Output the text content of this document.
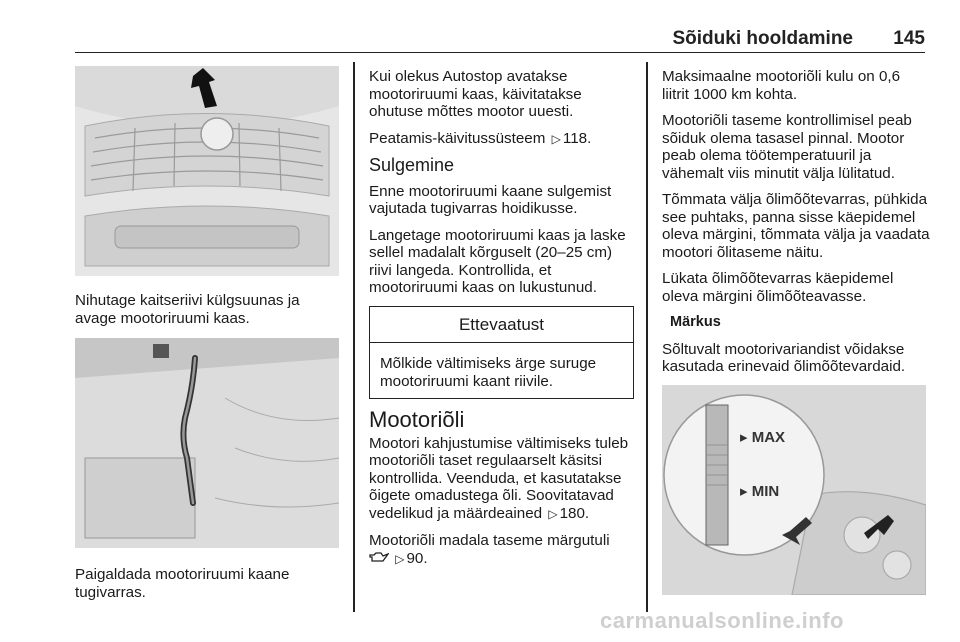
Sõiduki hooldamine 145
Nihutage kaitseriivi külgsuunas ja avage mootoriruumi kaas.
Paigaldada mootoriruumi kaane tugivarras.

Kui olekus Autostop avatakse mootoriruumi kaas, käivitatakse ohutuse mõttes mootor uuesti.

Peatamis-käivitussüsteem ▷ 118.

Sulgemine

Enne mootoriruumi kaane sulgemist vajutada tugivarras hoidikusse.

Langetage mootoriruumi kaas ja laske sellel madalalt kõrguselt (20–25 cm) riivi langeda. Kontrollida, et mootoriruumi kaas on lukustunud.

Ettevaatust
Mõlkide vältimiseks ärge suruge mootoriruumi kaant riivile.
Mootoriõli

Mootori kahjustumise vältimiseks tuleb mootoriõli taset regulaarselt käsitsi kontrollida. Veenduda, et kasutatakse õigete omadustega õli. Soovitatavad vedelikud ja määrdeained ▷ 180.

Mootoriõli madala taseme märgutuli
▷ 90.

Maksimaalne mootoriõli kulu on 0,6 liitrit 1000 km kohta.

Mootoriõli taseme kontrollimisel peab sõiduk olema tasasel pinnal. Mootor peab olema töötemperatuuril ja vähemalt viis minutit välja lülitatud.

Tõmmata välja õlimõõtevarras, pühkida see puhtaks, panna sisse käepidemel oleva märgini, tõmmata välja ja vaadata mootori õlitaseme näitu.

Lükata õlimõõtevarras käepidemel oleva märgini õlimõõteavasse.

Märkus

Sõltuvalt mootorivariandist võidakse kasutada erinevaid õlimõõtevardaid.

▸ MAX
▸ MIN
carmanualsonline.info
